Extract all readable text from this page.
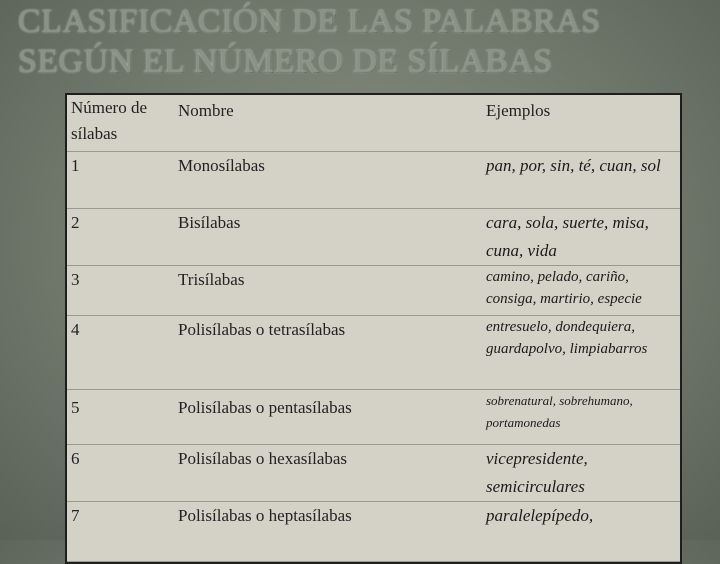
CLASIFICACIÓN DE LAS PALABRAS SEGÚN EL NÚMERO DE SÍLABAS
Número de sílabas	Nombre	Ejemplos
1	Monosílabas	pan, por, sin, té, cuan, sol
2	Bisílabas	cara, sola, suerte, misa, cuna, vida
3	Trisílabas	camino, pelado, cariño, consiga, martirio, especie
4	Polisílabas o tetrasílabas	entresuelo, dondequiera, guardapolvo, limpiabarros
5	Polisílabas o pentasílabas	sobrenatural, sobrehumano, portamonedas
6	Polisílabas o hexasílabas	vicepresidente, semicirculares
7	Polisílabas o heptasílabas	paralelepípedo,
